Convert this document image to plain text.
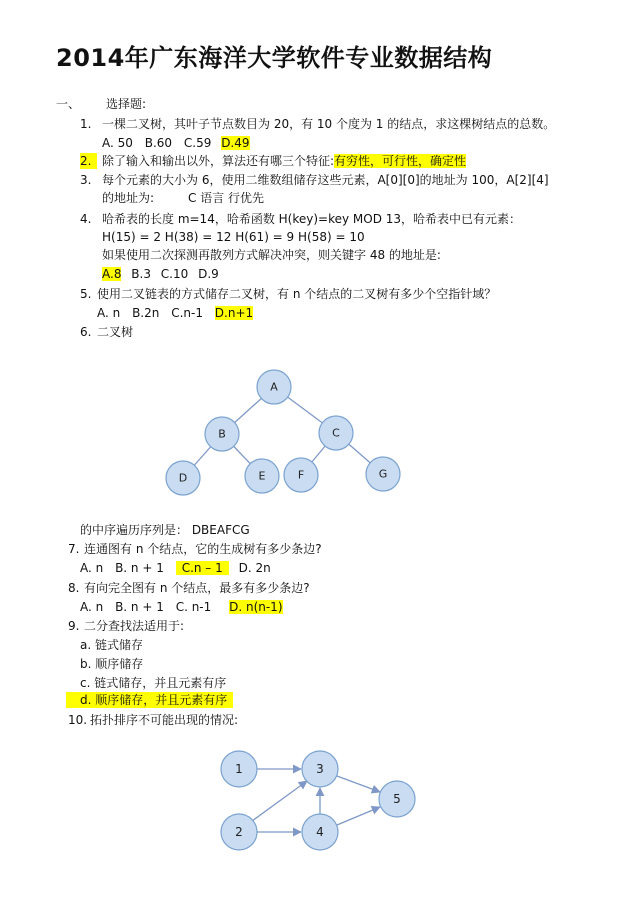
2014年广东海洋大学软件专业数据结构
一、 选择题:
1. 一棵二叉树，其叶子节点数目为 20，有 10 个度为 1 的结点，求这棵树结点的总数。
A. 50 B.60 C.59 D.49
2. 除了输入和输出以外，算法还有哪三个特征:有穷性，可行性，确定性
3. 每个元素的大小为 6，使用二维数组储存这些元素，A[0][0]的地址为 100，A[2][4]
的地址为:	C 语言 行优先
4. 哈希表的长度 m=14，哈希函数 H(key)=key MOD 13，哈希表中已有元素：
H(15) = 2 H(38) = 12 H(61) = 9 H(58) = 10
如果使用二次探测再散列方式解决冲突，则关键字 48 的地址是:
A.8 B.3 C.10 D.9
5. 使用二叉链表的方式储存二叉树，有 n 个结点的二叉树有多少个空指针域？
A. n B.2n C.n-1 D.n+1
6. 二叉树
A
B	C
D	E	F	G
的中序遍历序列是： DBEAFCG
7. 连通图有 n 个结点，它的生成树有多少条边?
A. n B. n + 1 C.n – 1 D. 2n
8. 有向完全图有 n 个结点，最多有多少条边?
A. n B. n + 1 C. n-1 D. n(n-1)
9. 二分查找法适用于:
a. 链式储存
b. 顺序储存
c. 链式储存，并且元素有序
d. 顺序储存，并且元素有序
10. 拓扑排序不可能出现的情况:
1
2
3
4
5
